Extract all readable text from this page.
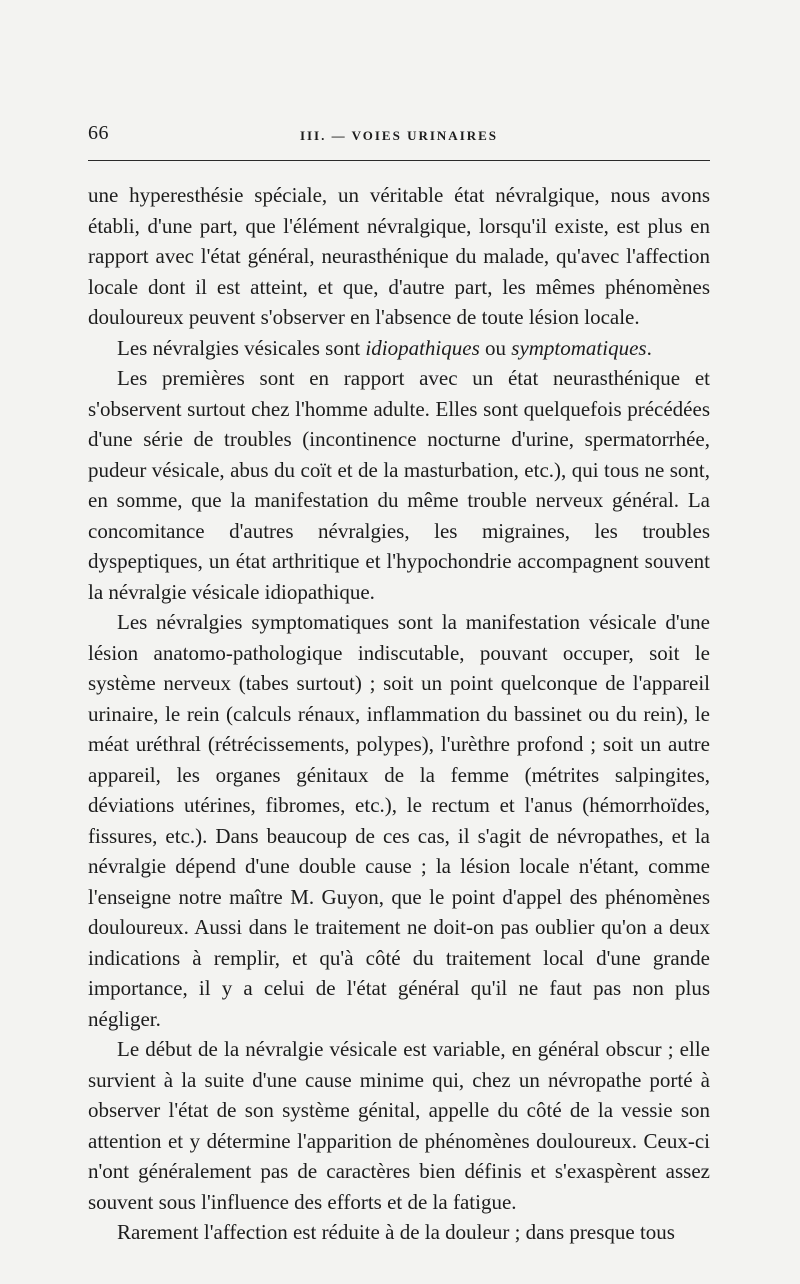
66	III. — VOIES URINAIRES

une hyperesthésie spéciale, un véritable état névralgique, nous avons établi, d'une part, que l'élément névralgique, lorsqu'il existe, est plus en rapport avec l'état général, neurasthénique du malade, qu'avec l'affection locale dont il est atteint, et que, d'autre part, les mêmes phénomènes douloureux peuvent s'observer en l'absence de toute lésion locale.

Les névralgies vésicales sont idiopathiques ou symptomatiques.

Les premières sont en rapport avec un état neurasthénique et s'observent surtout chez l'homme adulte. Elles sont quelquefois précédées d'une série de troubles (incontinence nocturne d'urine, spermatorrhée, pudeur vésicale, abus du coït et de la masturbation, etc.), qui tous ne sont, en somme, que la manifestation du même trouble nerveux général. La concomitance d'autres névralgies, les migraines, les troubles dyspeptiques, un état arthritique et l'hypochondrie accompagnent souvent la névralgie vésicale idiopathique.

Les névralgies symptomatiques sont la manifestation vésicale d'une lésion anatomo-pathologique indiscutable, pouvant occuper, soit le système nerveux (tabes surtout) ; soit un point quelconque de l'appareil urinaire, le rein (calculs rénaux, inflammation du bassinet ou du rein), le méat uréthral (rétrécissements, polypes), l'urèthre profond ; soit un autre appareil, les organes génitaux de la femme (métrites salpingites, déviations utérines, fibromes, etc.), le rectum et l'anus (hémorrhoïdes, fissures, etc.). Dans beaucoup de ces cas, il s'agit de névropathes, et la névralgie dépend d'une double cause ; la lésion locale n'étant, comme l'enseigne notre maître M. Guyon, que le point d'appel des phénomènes douloureux. Aussi dans le traitement ne doit-on pas oublier qu'on a deux indications à remplir, et qu'à côté du traitement local d'une grande importance, il y a celui de l'état général qu'il ne faut pas non plus négliger.

Le début de la névralgie vésicale est variable, en général obscur ; elle survient à la suite d'une cause minime qui, chez un névropathe porté à observer l'état de son système génital, appelle du côté de la vessie son attention et y détermine l'apparition de phénomènes douloureux. Ceux-ci n'ont généralement pas de caractères bien définis et s'exaspèrent assez souvent sous l'influence des efforts et de la fatigue.

Rarement l'affection est réduite à de la douleur ; dans presque tous
